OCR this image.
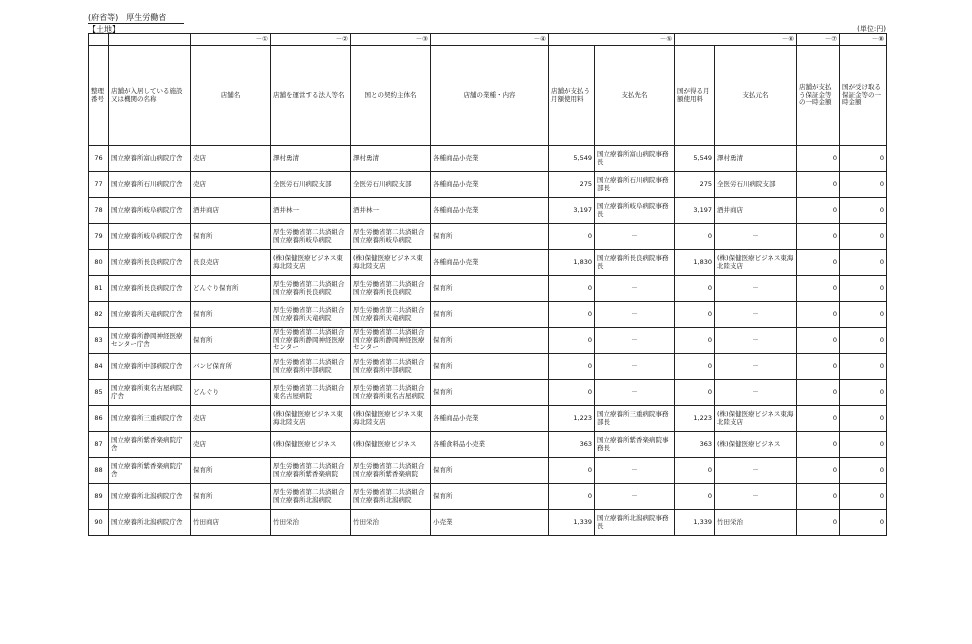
(府省等)　厚生労働省
【土地】	(単位:円)
		－①	－②	－③	－④	－⑤		－⑥		－⑦	－⑧
整理番号	店舗が入居している施設又は機関の名称	店舗名	店舗を運営する法人等名	国との契約主体名	店舗の業種・内容	店舗が支払う月額使用料	支払先名	国が得る月額使用料	支払元名	店舗が支払う保証金等の一時金額	国が受け取る保証金等の一時金額
76	国立療養所富山病院庁舎	売店	澤村勇清	澤村勇清	各種商品小売業	5,549	国立療養所富山病院事務長	5,549	澤村勇清	0	0
77	国立療養所石川病院庁舎	売店	全医労石川病院支部	全医労石川病院支部	各種商品小売業	275	国立療養所石川病院事務部長	275	全医労石川病院支部	0	0
78	国立療養所岐阜病院庁舎	酒井商店	酒井林一	酒井林一	各種商品小売業	3,197	国立療養所岐阜病院事務長	3,197	酒井商店	0	0
79	国立療養所岐阜病院庁舎	保育所	厚生労働省第二共済組合国立療養所岐阜病院	厚生労働省第二共済組合国立療養所岐阜病院	保育所	0	－	0	－	0	0
80	国立療養所長良病院庁舎	長良売店	(株)保健医療ビジネス東海北陸支店	(株)保健医療ビジネス東海北陸支店	各種商品小売業	1,830	国立療養所長良病院事務長	1,830	(株)保健医療ビジネス東海北陸支店	0	0
81	国立療養所長良病院庁舎	どんぐり保育所	厚生労働省第二共済組合国立療養所長良病院	厚生労働省第二共済組合国立療養所長良病院	保育所	0	－	0	－	0	0
82	国立療養所天竜病院庁舎	保育所	厚生労働省第二共済組合国立療養所天竜病院	厚生労働省第二共済組合国立療養所天竜病院	保育所	0	－	0	－	0	0
83	国立療養所静岡神経医療センター庁舎	保育所	厚生労働省第二共済組合国立療養所静岡神経医療センター	厚生労働省第二共済組合国立療養所静岡神経医療センター	保育所	0	－	0	－	0	0
84	国立療養所中部病院庁舎	バンビ保育所	厚生労働省第二共済組合国立療養所中部病院	厚生労働省第二共済組合国立療養所中部病院	保育所	0	－	0	－	0	0
85	国立療養所東名古屋病院庁舎	どんぐり	厚生労働省第二共済組合東名古屋病院	厚生労働省第二共済組合国立療養所東名古屋病院	保育所	0	－	0	－	0	0
86	国立療養所三重病院庁舎	売店	(株)保健医療ビジネス東海北陸支店	(株)保健医療ビジネス東海北陸支店	各種商品小売業	1,223	国立療養所三重病院事務部長	1,223	(株)保健医療ビジネス東海北陸支店	0	0
87	国立療養所紫香楽病院庁舎	売店	(株)保健医療ビジネス	(株)保健医療ビジネス	各種食料品小売業	363	国立療養所紫香楽病院事務長	363	(株)保健医療ビジネス	0	0
88	国立療養所紫香楽病院庁舎	保育所	厚生労働省第二共済組合国立療養所紫香楽病院	厚生労働省第二共済組合国立療養所紫香楽病院	保育所	0	－	0	－	0	0
89	国立療養所北潟病院庁舎	保育所	厚生労働省第二共済組合国立療養所北潟病院	厚生労働省第二共済組合国立療養所北潟病院	保育所	0	－	0	－	0	0
90	国立療養所北潟病院庁舎	竹田商店	竹田栄治	竹田栄治	小売業	1,339	国立療養所北潟病院事務長	1,339	竹田栄治	0	0
